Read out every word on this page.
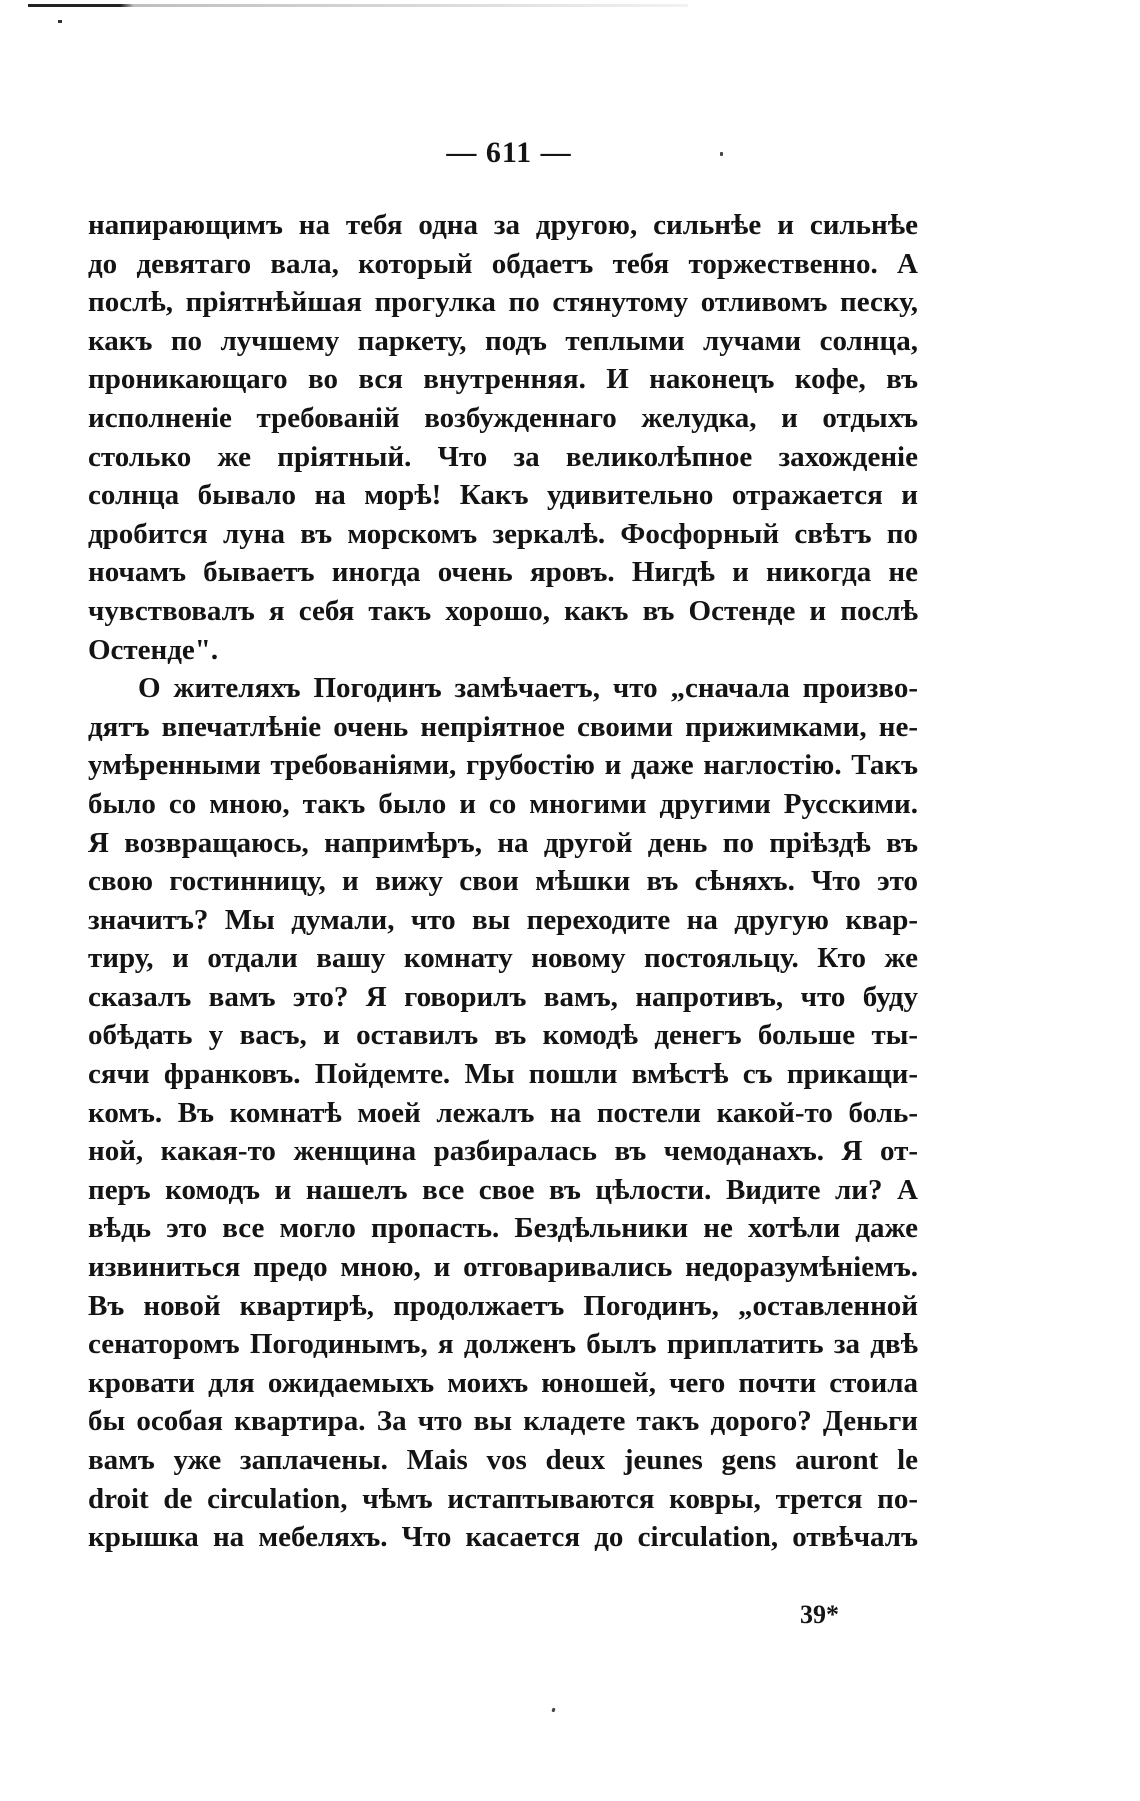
— 611 —
напирающимъ на тебя одна за другою, сильнѣе и сильнѣе
до девятаго вала, который обдаетъ тебя торжественно. А
послѣ, пріятнѣйшая прогулка по стянутому отливомъ песку,
какъ по лучшему паркету, подъ теплыми лучами солнца,
проникающаго во вся внутренняя. И наконецъ кофе, въ
исполненіе требованій возбужденнаго желудка, и отдыхъ
столько же пріятный. Что за великолѣпное захожденіе
солнца бывало на морѣ! Какъ удивительно отражается и
дробится луна въ морскомъ зеркалѣ. Фосфорный свѣтъ по
ночамъ бываетъ иногда очень яровъ. Нигдѣ и никогда не
чувствовалъ я себя такъ хорошо, какъ въ Остенде и послѣ
Остенде".
О жителяхъ Погодинъ замѣчаетъ, что „сначала произво-
дятъ впечатлѣніе очень непріятное своими прижимками, не-
умѣренными требованіями, грубостію и даже наглостію. Такъ
было со мною, такъ было и со многими другими Русскими.
Я возвращаюсь, напримѣръ, на другой день по пріѣздѣ въ
свою гостинницу, и вижу свои мѣшки въ сѣняхъ. Что это
значитъ? Мы думали, что вы переходите на другую квар-
тиру, и отдали вашу комнату новому постояльцу. Кто же
сказалъ вамъ это? Я говорилъ вамъ, напротивъ, что буду
обѣдать у васъ, и оставилъ въ комодѣ денегъ больше ты-
сячи франковъ. Пойдемте. Мы пошли вмѣстѣ съ прикащи-
комъ. Въ комнатѣ моей лежалъ на постели какой-то боль-
ной, какая-то женщина разбиралась въ чемоданахъ. Я от-
перъ комодъ и нашелъ все свое въ цѣлости. Видите ли? А
вѣдь это все могло пропасть. Бездѣльники не хотѣли даже
извиниться предо мною, и отговаривались недоразумѣніемъ.
Въ новой квартирѣ, продолжаетъ Погодинъ, „оставленной
сенаторомъ Погодинымъ, я долженъ былъ приплатить за двѣ
кровати для ожидаемыхъ моихъ юношей, чего почти стоила
бы особая квартира. За что вы кладете такъ дорого? Деньги
вамъ уже заплачены. Mais vos deux jeunes gens auront le
droit de circulation, чѣмъ истаптываются ковры, трется по-
крышка на мебеляхъ. Что касается до circulation, отвѣчалъ
39*
